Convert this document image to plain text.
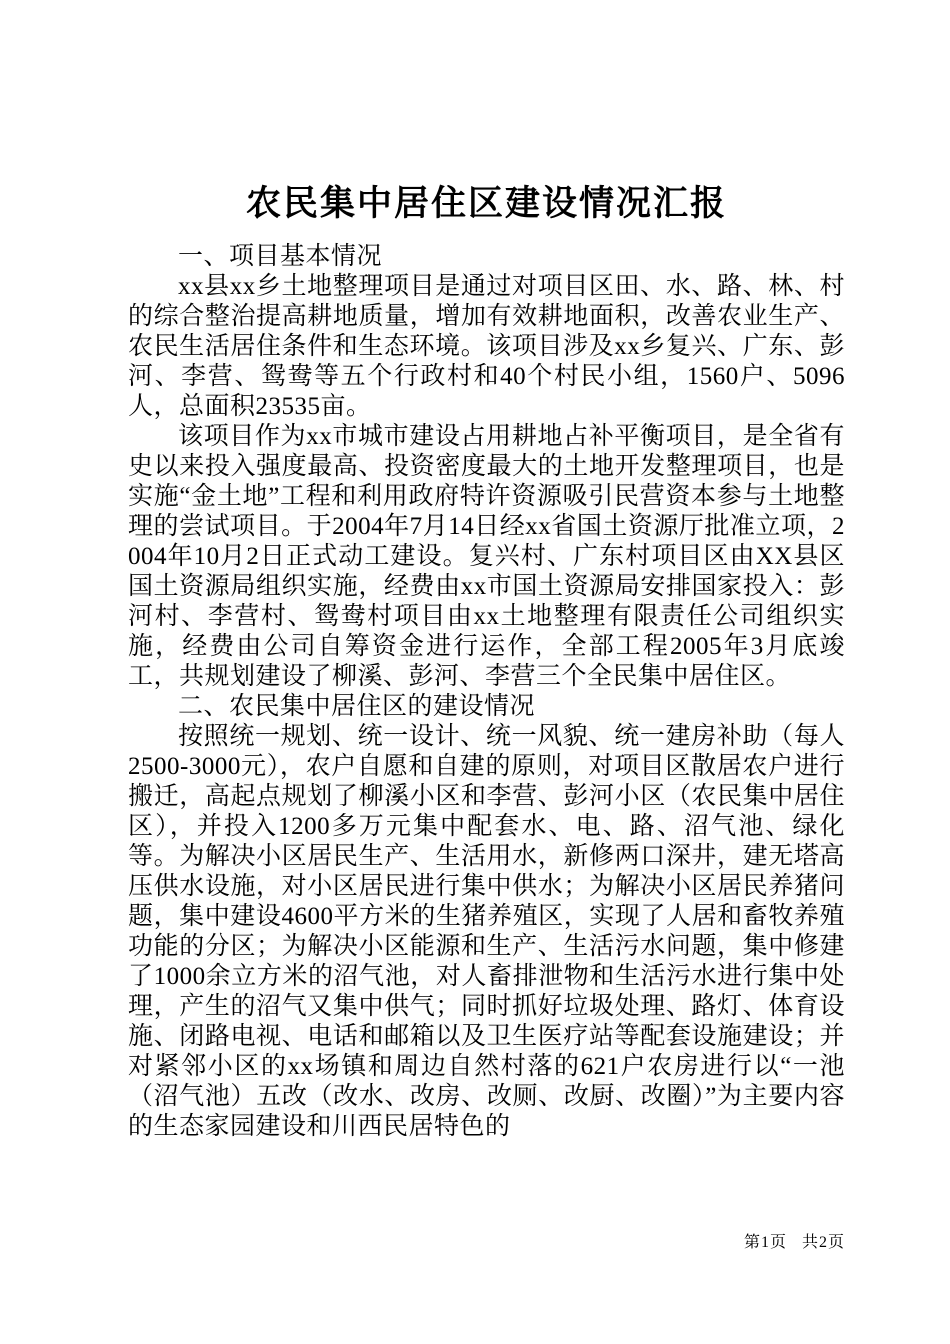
农民集中居住区建设情况汇报

一、项目基本情况

xx县xx乡土地整理项目是通过对项目区田、水、路、林、村的综合整治提高耕地质量，增加有效耕地面积，改善农业生产、农民生活居住条件和生态环境。该项目涉及xx乡复兴、广东、彭河、李营、鸳鸯等五个行政村和40个村民小组，1560户、5096人，总面积23535亩。

该项目作为xx市城市建设占用耕地占补平衡项目，是全省有史以来投入强度最高、投资密度最大的土地开发整理项目，也是实施“金土地”工程和利用政府特许资源吸引民营资本参与土地整理的尝试项目。于2004年7月14日经xx省国土资源厅批准立项，2004年10月2日正式动工建设。复兴村、广东村项目区由XX县区国土资源局组织实施，经费由xx市国土资源局安排国家投入：彭河村、李营村、鸳鸯村项目由xx土地整理有限责任公司组织实施，经费由公司自筹资金进行运作，全部工程2005年3月底竣工，共规划建设了柳溪、彭河、李营三个全民集中居住区。

二、农民集中居住区的建设情况

按照统一规划、统一设计、统一风貌、统一建房补助（每人2500-3000元），农户自愿和自建的原则，对项目区散居农户进行搬迁，高起点规划了柳溪小区和李营、彭河小区（农民集中居住区），并投入1200多万元集中配套水、电、路、沼气池、绿化等。为解决小区居民生产、生活用水，新修两口深井，建无塔高压供水设施，对小区居民进行集中供水；为解决小区居民养猪问题，集中建设4600平方米的生猪养殖区，实现了人居和畜牧养殖功能的分区；为解决小区能源和生产、生活污水问题，集中修建了1000余立方米的沼气池，对人畜排泄物和生活污水进行集中处理，产生的沼气又集中供气；同时抓好垃圾处理、路灯、体育设施、闭路电视、电话和邮箱以及卫生医疗站等配套设施建设；并对紧邻小区的xx场镇和周边自然村落的621户农房进行以“一池（沼气池）五改（改水、改房、改厕、改厨、改圈）”为主要内容的生态家园建设和川西民居特色的

第1页 共2页
